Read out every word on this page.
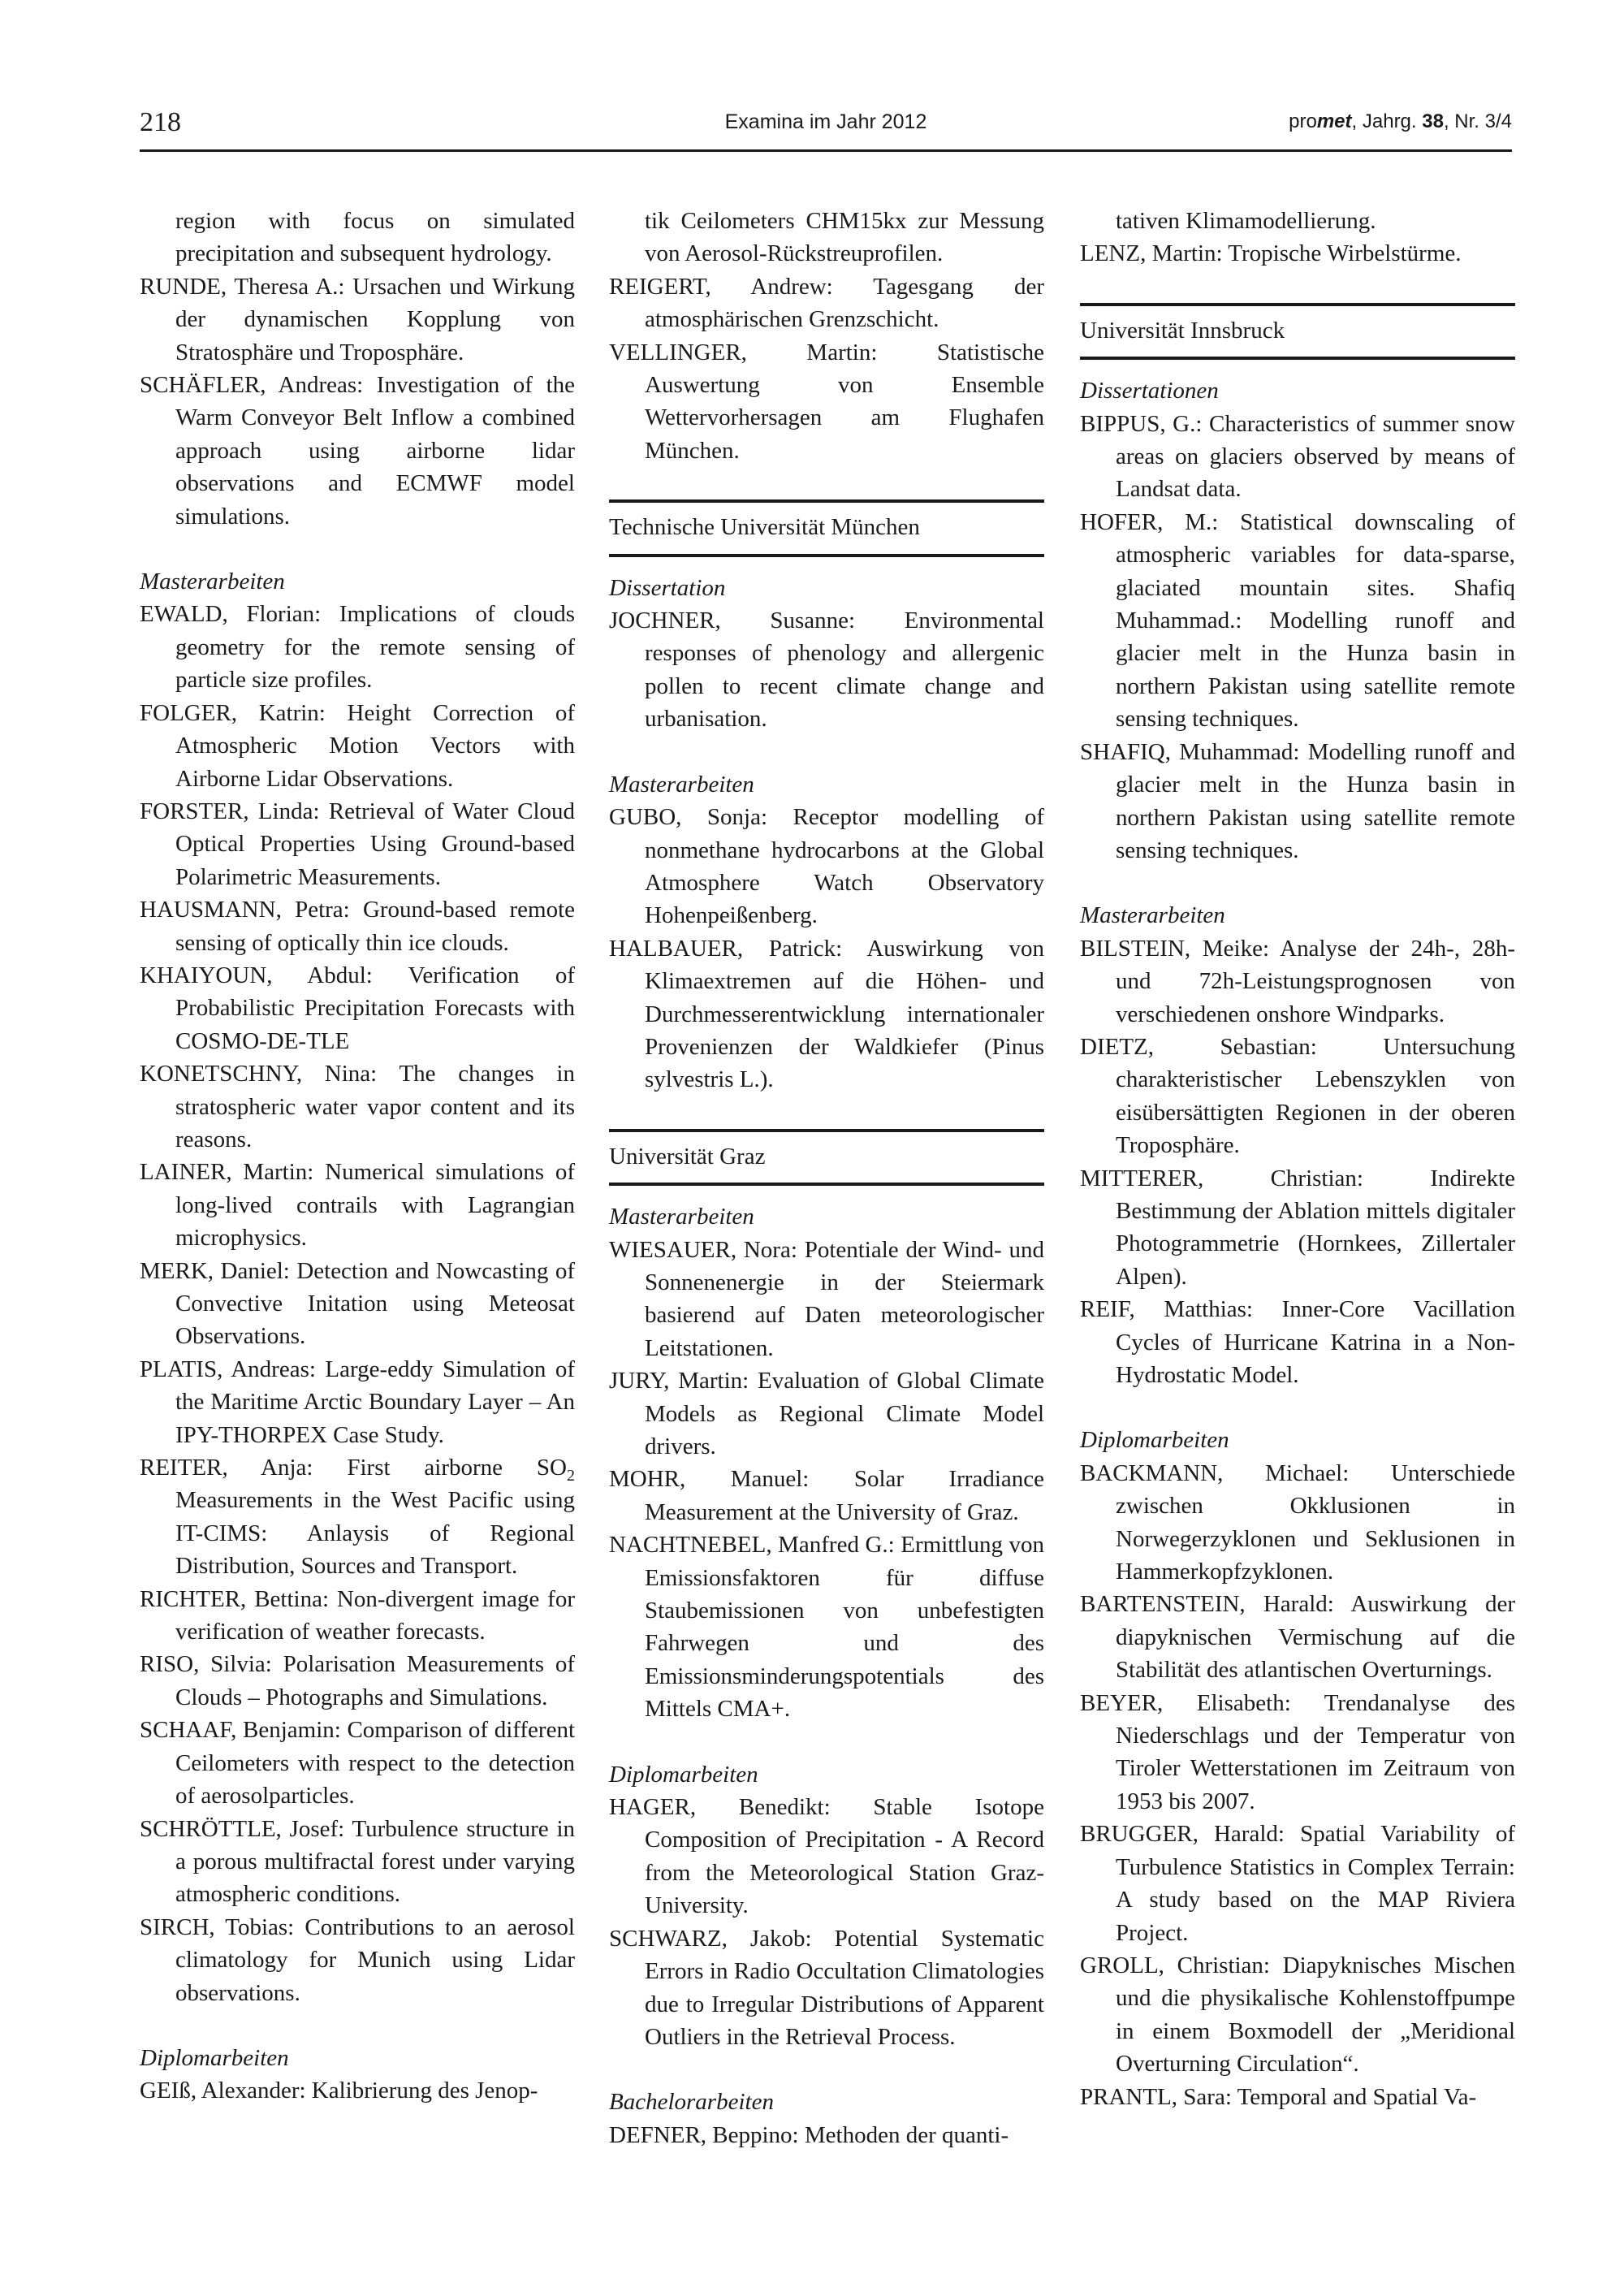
218	Examina im Jahr 2012	promet, Jahrg. 38, Nr. 3/4

region with focus on simulated precipitation and subsequent hydrology.

RUNDE, Theresa A.: Ursachen und Wirkung der dynamischen Kopplung von Stratosphäre und Troposphäre.

SCHÄFLER, Andreas: Investigation of the Warm Conveyor Belt Inflow a combined approach using airborne lidar observations and ECMWF model simulations.

Masterarbeiten

EWALD, Florian: Implications of clouds geometry for the remote sensing of particle size profiles.

FOLGER, Katrin: Height Correction of Atmospheric Motion Vectors with Airborne Lidar Observations.

FORSTER, Linda: Retrieval of Water Cloud Optical Properties Using Ground-based Polarimetric Measurements.

HAUSMANN, Petra: Ground-based remote sensing of optically thin ice clouds.

KHAIYOUN, Abdul: Verification of Probabilistic Precipitation Forecasts with COSMO-DE-TLE

KONETSCHNY, Nina: The changes in stratospheric water vapor content and its reasons.

LAINER, Martin: Numerical simulations of long-lived contrails with Lagrangian microphysics.

MERK, Daniel: Detection and Nowcasting of Convective Initation using Meteosat Observations.

PLATIS, Andreas: Large-eddy Simulation of the Maritime Arctic Boundary Layer – An IPY-THORPEX Case Study.

REITER, Anja: First airborne $SO_2$ Measurements in the West Pacific using IT-CIMS: Anlaysis of Regional Distribution, Sources and Transport.

RICHTER, Bettina: Non-divergent image for verification of weather forecasts.

RISO, Silvia: Polarisation Measurements of Clouds – Photographs and Simulations.

SCHAAF, Benjamin: Comparison of different Ceilometers with respect to the detection of aerosolparticles.

SCHRÖTTLE, Josef: Turbulence structure in a porous multifractal forest under varying atmospheric conditions.

SIRCH, Tobias: Contributions to an aerosol climatology for Munich using Lidar observations.

Diplomarbeiten

GEIß, Alexander: Kalibrierung des Jenop-

tik Ceilometers CHM15kx zur Messung von Aerosol-Rückstreuprofilen.

REIGERT, Andrew: Tagesgang der atmosphärischen Grenzschicht.

VELLINGER, Martin: Statistische Auswertung von Ensemble Wettervorhersagen am Flughafen München.

Technische Universität München

Dissertation

JOCHNER, Susanne: Environmental responses of phenology and allergenic pollen to recent climate change and urbanisation.

Masterarbeiten

GUBO, Sonja: Receptor modelling of nonmethane hydrocarbons at the Global Atmosphere Watch Observatory Hohenpeißenberg.

HALBAUER, Patrick: Auswirkung von Klimaextremen auf die Höhen- und Durchmesserentwicklung internationaler Provenienzen der Waldkiefer (Pinus sylvestris L.).

Universität Graz

Masterarbeiten

WIESAUER, Nora: Potentiale der Wind- und Sonnenenergie in der Steiermark basierend auf Daten meteorologischer Leitstationen.

JURY, Martin: Evaluation of Global Climate Models as Regional Climate Model drivers.

MOHR, Manuel: Solar Irradiance Measurement at the University of Graz.

NACHTNEBEL, Manfred G.: Ermittlung von Emissionsfaktoren für diffuse Staubemissionen von unbefestigten Fahrwegen und des Emissionsminderungspotentials des Mittels CMA+.

Diplomarbeiten

HAGER, Benedikt: Stable Isotope Composition of Precipitation - A Record from the Meteorological Station Graz-University.

SCHWARZ, Jakob: Potential Systematic Errors in Radio Occultation Climatologies due to Irregular Distributions of Apparent Outliers in the Retrieval Process.

Bachelorarbeiten

DEFNER, Beppino: Methoden der quanti-

tativen Klimamodellierung.

LENZ, Martin: Tropische Wirbelstürme.

Universität Innsbruck

Dissertationen

BIPPUS, G.: Characteristics of summer snow areas on glaciers observed by means of Landsat data.

HOFER, M.: Statistical downscaling of atmospheric variables for data-sparse, glaciated mountain sites. Shafiq Muhammad.: Modelling runoff and glacier melt in the Hunza basin in northern Pakistan using satellite remote sensing techniques.

SHAFIQ, Muhammad: Modelling runoff and glacier melt in the Hunza basin in northern Pakistan using satellite remote sensing techniques.

Masterarbeiten

BILSTEIN, Meike: Analyse der 24h-, 28h- und 72h-Leistungsprognosen von verschiedenen onshore Windparks.

DIETZ, Sebastian: Untersuchung charakteristischer Lebenszyklen von eisübersättigten Regionen in der oberen Troposphäre.

MITTERER, Christian: Indirekte Bestimmung der Ablation mittels digitaler Photogrammetrie (Hornkees, Zillertaler Alpen).

REIF, Matthias: Inner-Core Vacillation Cycles of Hurricane Katrina in a Non-Hydrostatic Model.

Diplomarbeiten

BACKMANN, Michael: Unterschiede zwischen Okklusionen in Norwegerzyklonen und Seklusionen in Hammerkopfzyklonen.

BARTENSTEIN, Harald: Auswirkung der diapyknischen Vermischung auf die Stabilität des atlantischen Overturnings.

BEYER, Elisabeth: Trendanalyse des Niederschlags und der Temperatur von Tiroler Wetterstationen im Zeitraum von 1953 bis 2007.

BRUGGER, Harald: Spatial Variability of Turbulence Statistics in Complex Terrain: A study based on the MAP Riviera Project.

GROLL, Christian: Diapyknisches Mischen und die physikalische Kohlenstoffpumpe in einem Boxmodell der „Meridional Overturning Circulation“.

PRANTL, Sara: Temporal and Spatial Va-
